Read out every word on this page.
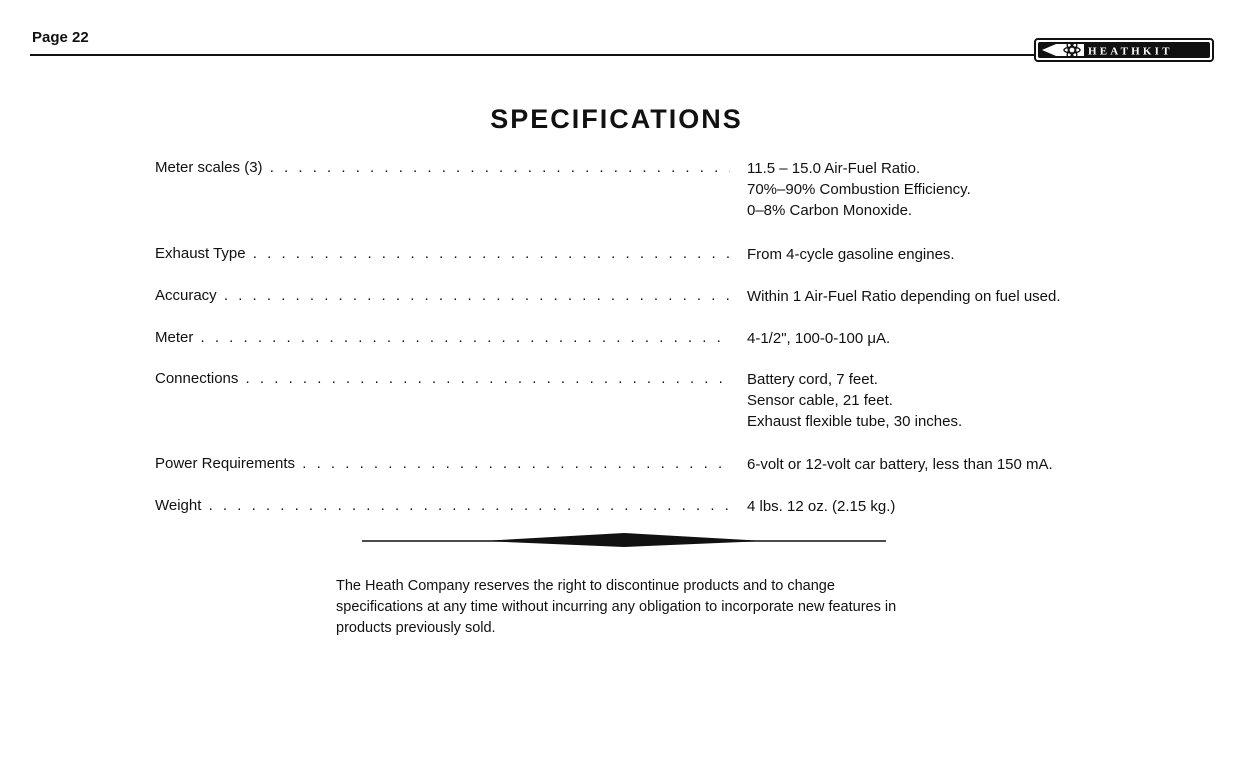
Page 22
HEATHKIT
SPECIFICATIONS
Meter scales (3) . . .	11.5 – 15.0 Air-Fuel Ratio.
70%–90% Combustion Efficiency.
0–8% Carbon Monoxide.
Exhaust Type . . .	From 4-cycle gasoline engines.
Accuracy . . .	Within 1 Air-Fuel Ratio depending on fuel used.
Meter . . .	4-1/2", 100-0-100 μA.
Connections . . .	Battery cord, 7 feet.
Sensor cable, 21 feet.
Exhaust flexible tube, 30 inches.
Power Requirements . . .	6-volt or 12-volt car battery, less than 150 mA.
Weight . . .	4 lbs. 12 oz. (2.15 kg.)
The Heath Company reserves the right to discontinue products and to change specifications at any time without incurring any obligation to incorporate new features in products previously sold.
